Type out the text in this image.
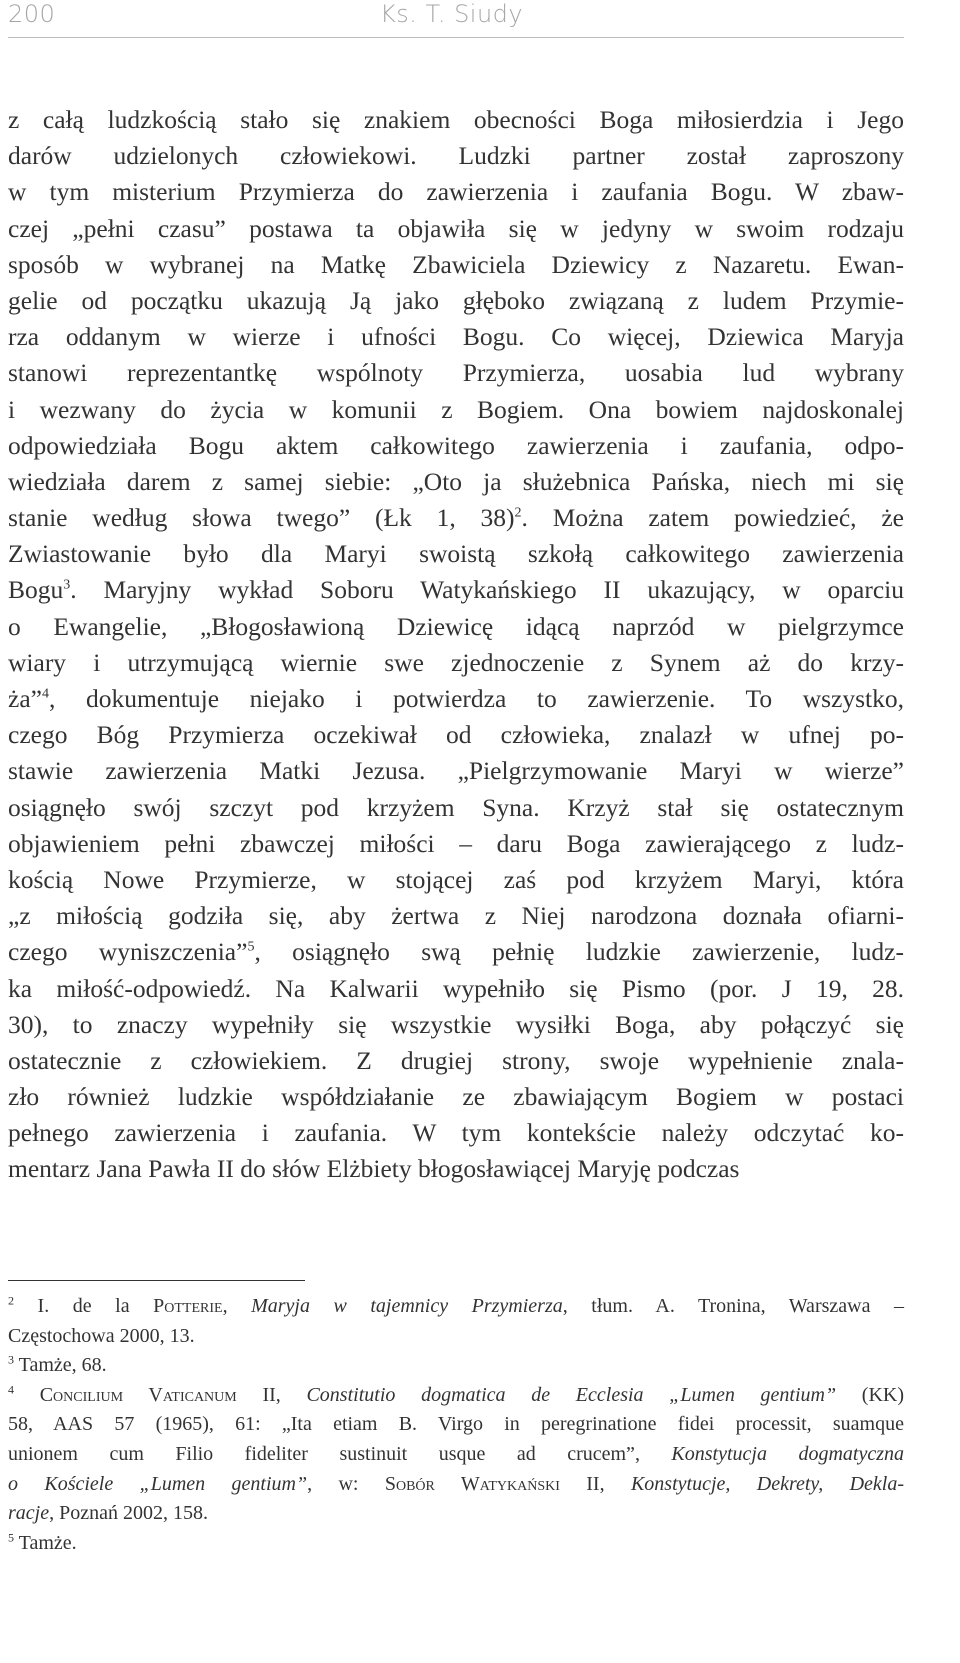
200	Ks. T. Siudy
z całą ludzkością stało się znakiem obecności Boga miłosierdzia i Jego
darów udzielonych człowiekowi. Ludzki partner został zaproszony
w tym misterium Przymierza do zawierzenia i zaufania Bogu. W zbaw-
czej „pełni czasu” postawa ta objawiła się w jedyny w swoim rodzaju
sposób w wybranej na Matkę Zbawiciela Dziewicy z Nazaretu. Ewan-
gelie od początku ukazują Ją jako głęboko związaną z ludem Przymie-
rza oddanym w wierze i ufności Bogu. Co więcej, Dziewica Maryja
stanowi reprezentantkę wspólnoty Przymierza, uosabia lud wybrany
i wezwany do życia w komunii z Bogiem. Ona bowiem najdoskonalej
odpowiedziała Bogu aktem całkowitego zawierzenia i zaufania, odpo-
wiedziała darem z samej siebie: „Oto ja służebnica Pańska, niech mi się
stanie według słowa twego” (Łk 1, 38)$^2$. Można zatem powiedzieć, że
Zwiastowanie było dla Maryi swoistą szkołą całkowitego zawierzenia
Bogu$^3$. Maryjny wykład Soboru Watykańskiego II ukazujący, w oparciu
o Ewangelie, „Błogosławioną Dziewicę idącą naprzód w pielgrzymce
wiary i utrzymującą wiernie swe zjednoczenie z Synem aż do krzy-
ża”$^4$, dokumentuje niejako i potwierdza to zawierzenie. To wszystko,
czego Bóg Przymierza oczekiwał od człowieka, znalazł w ufnej po-
stawie zawierzenia Matki Jezusa. „Pielgrzymowanie Maryi w wierze”
osiągnęło swój szczyt pod krzyżem Syna. Krzyż stał się ostatecznym
objawieniem pełni zbawczej miłości – daru Boga zawierającego z ludz-
kością Nowe Przymierze, w stojącej zaś pod krzyżem Maryi, która
„z miłością godziła się, aby żertwa z Niej narodzona doznała ofiarni-
czego wyniszczenia”$^5$, osiągnęło swą pełnię ludzkie zawierzenie, ludz-
ka miłość-odpowiedź. Na Kalwarii wypełniło się Pismo (por. J 19, 28.
30), to znaczy wypełniły się wszystkie wysiłki Boga, aby połączyć się
ostatecznie z człowiekiem. Z drugiej strony, swoje wypełnienie znala-
zło również ludzkie współdziałanie ze zbawiającym Bogiem w postaci
pełnego zawierzenia i zaufania. W tym kontekście należy odczytać ko-
mentarz Jana Pawła II do słów Elżbiety błogosławiącej Maryję podczas
$^2$ I. de la Potterie, Maryja w tajemnicy Przymierza, tłum. A. Tronina, Warszawa –
Częstochowa 2000, 13.
$^3$ Tamże, 68.
$^4$ Concilium Vaticanum II, Constitutio dogmatica de Ecclesia „Lumen gentium” (KK)
58, AAS 57 (1965), 61: „Ita etiam B. Virgo in peregrinatione fidei processit, suamque
unionem cum Filio fideliter sustinuit usque ad crucem”, Konstytucja dogmatyczna
o Kościele „Lumen gentium”, w: Sobór Watykański II, Konstytucje, Dekrety, Dekla-
racje, Poznań 2002, 158.
$^5$ Tamże.
